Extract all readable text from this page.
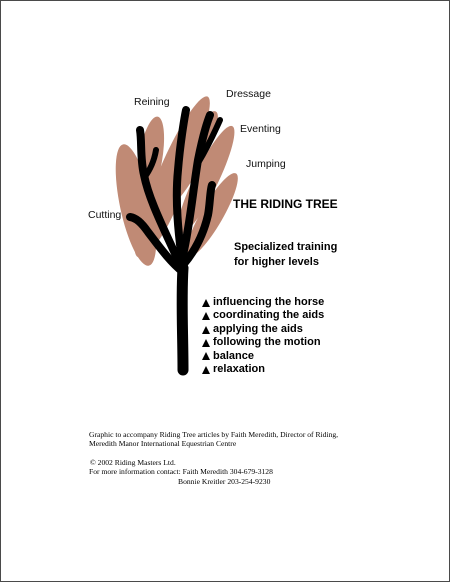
Reining
Dressage
Eventing
Jumping
Cutting
THE RIDING TREE
Specialized training
for higher levels
influencing the horse
coordinating the aids
applying the aids
following the motion
balance
relaxation
Graphic to accompany Riding Tree articles by Faith Meredith, Director of Riding,
Meredith Manor International Equestrian Centre
© 2002 Riding Masters Ltd.
For more information contact: Faith Meredith 304-679-3128
Bonnie Kreitler 203-254-9230
